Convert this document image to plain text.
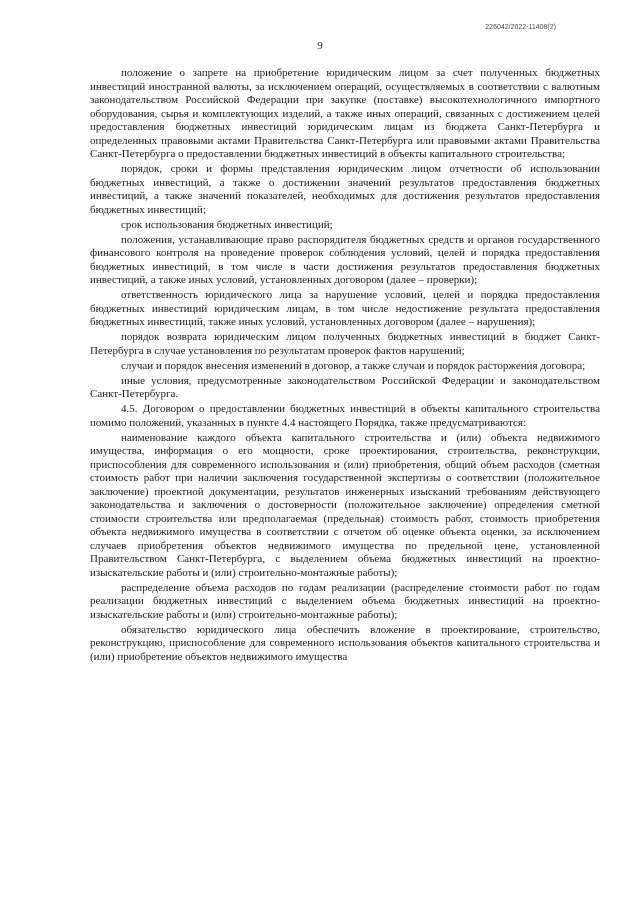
226042/2022-11408(2)
9

положение о запрете на приобретение юридическим лицом за счет полученных бюджетных инвестиций иностранной валюты, за исключением операций, осуществляемых в соответствии с валютным законодательством Российской Федерации при закупке (поставке) высокотехнологичного импортного оборудования, сырья и комплектующих изделий, а также иных операций, связанных с достижением целей предоставления бюджетных инвестиций юридическим лицам из бюджета Санкт-Петербурга и определенных правовыми актами Правительства Санкт-Петербурга или правовыми актами Правительства Санкт-Петербурга о предоставлении бюджетных инвестиций в объекты капитального строительства;

порядок, сроки и формы представления юридическим лицом отчетности об использовании бюджетных инвестиций, а также о достижении значений результатов предоставления бюджетных инвестиций, а также значений показателей, необходимых для достижения результатов предоставления бюджетных инвестиций;

срок использования бюджетных инвестиций;

положения, устанавливающие право распорядителя бюджетных средств и органов государственного финансового контроля на проведение проверок соблюдения условий, целей и порядка предоставления бюджетных инвестиций, в том числе в части достижения результатов предоставления бюджетных инвестиций, а также иных условий, установленных договором (далее – проверки);

ответственность юридического лица за нарушение условий, целей и порядка предоставления бюджетных инвестиций юридическим лицам, в том числе недостижение результата предоставления бюджетных инвестиций, также иных условий, установленных договором (далее – нарушения);

порядок возврата юридическим лицом полученных бюджетных инвестиций в бюджет Санкт-Петербурга в случае установления по результатам проверок фактов нарушений;

случаи и порядок внесения изменений в договор, а также случаи и порядок расторжения договора;

иные условия, предусмотренные законодательством Российской Федерации и законодательством Санкт-Петербурга.

4.5. Договором о предоставлении бюджетных инвестиций в объекты капитального строительства помимо положений, указанных в пункте 4.4 настоящего Порядка, также предусматриваются:

наименование каждого объекта капитального строительства и (или) объекта недвижимого имущества, информация о его мощности, сроке проектирования, строительства, реконструкции, приспособления для современного использования и (или) приобретения, общий объем расходов (сметная стоимость работ при наличии заключения государственной экспертизы о соответствии (положительное заключение) проектной документации, результатов инженерных изысканий требованиям действующего законодательства и заключения о достоверности (положительное заключение) определения сметной стоимости строительства или предполагаемая (предельная) стоимость работ, стоимость приобретения объекта недвижимого имущества в соответствии с отчетом об оценке объекта оценки, за исключением случаев приобретения объектов недвижимого имущества по предельной цене, установленной Правительством Санкт-Петербурга, с выделением объема бюджетных инвестиций на проектно-изыскательские работы и (или) строительно-монтажные работы);

распределение объема расходов по годам реализации (распределение стоимости работ по годам реализации бюджетных инвестиций с выделением объема бюджетных инвестиций на проектно-изыскательские работы и (или) строительно-монтажные работы);

обязательство юридического лица обеспечить вложение в проектирование, строительство, реконструкцию, приспособление для современного использования объектов капитального строительства и (или) приобретение объектов недвижимого имущества
